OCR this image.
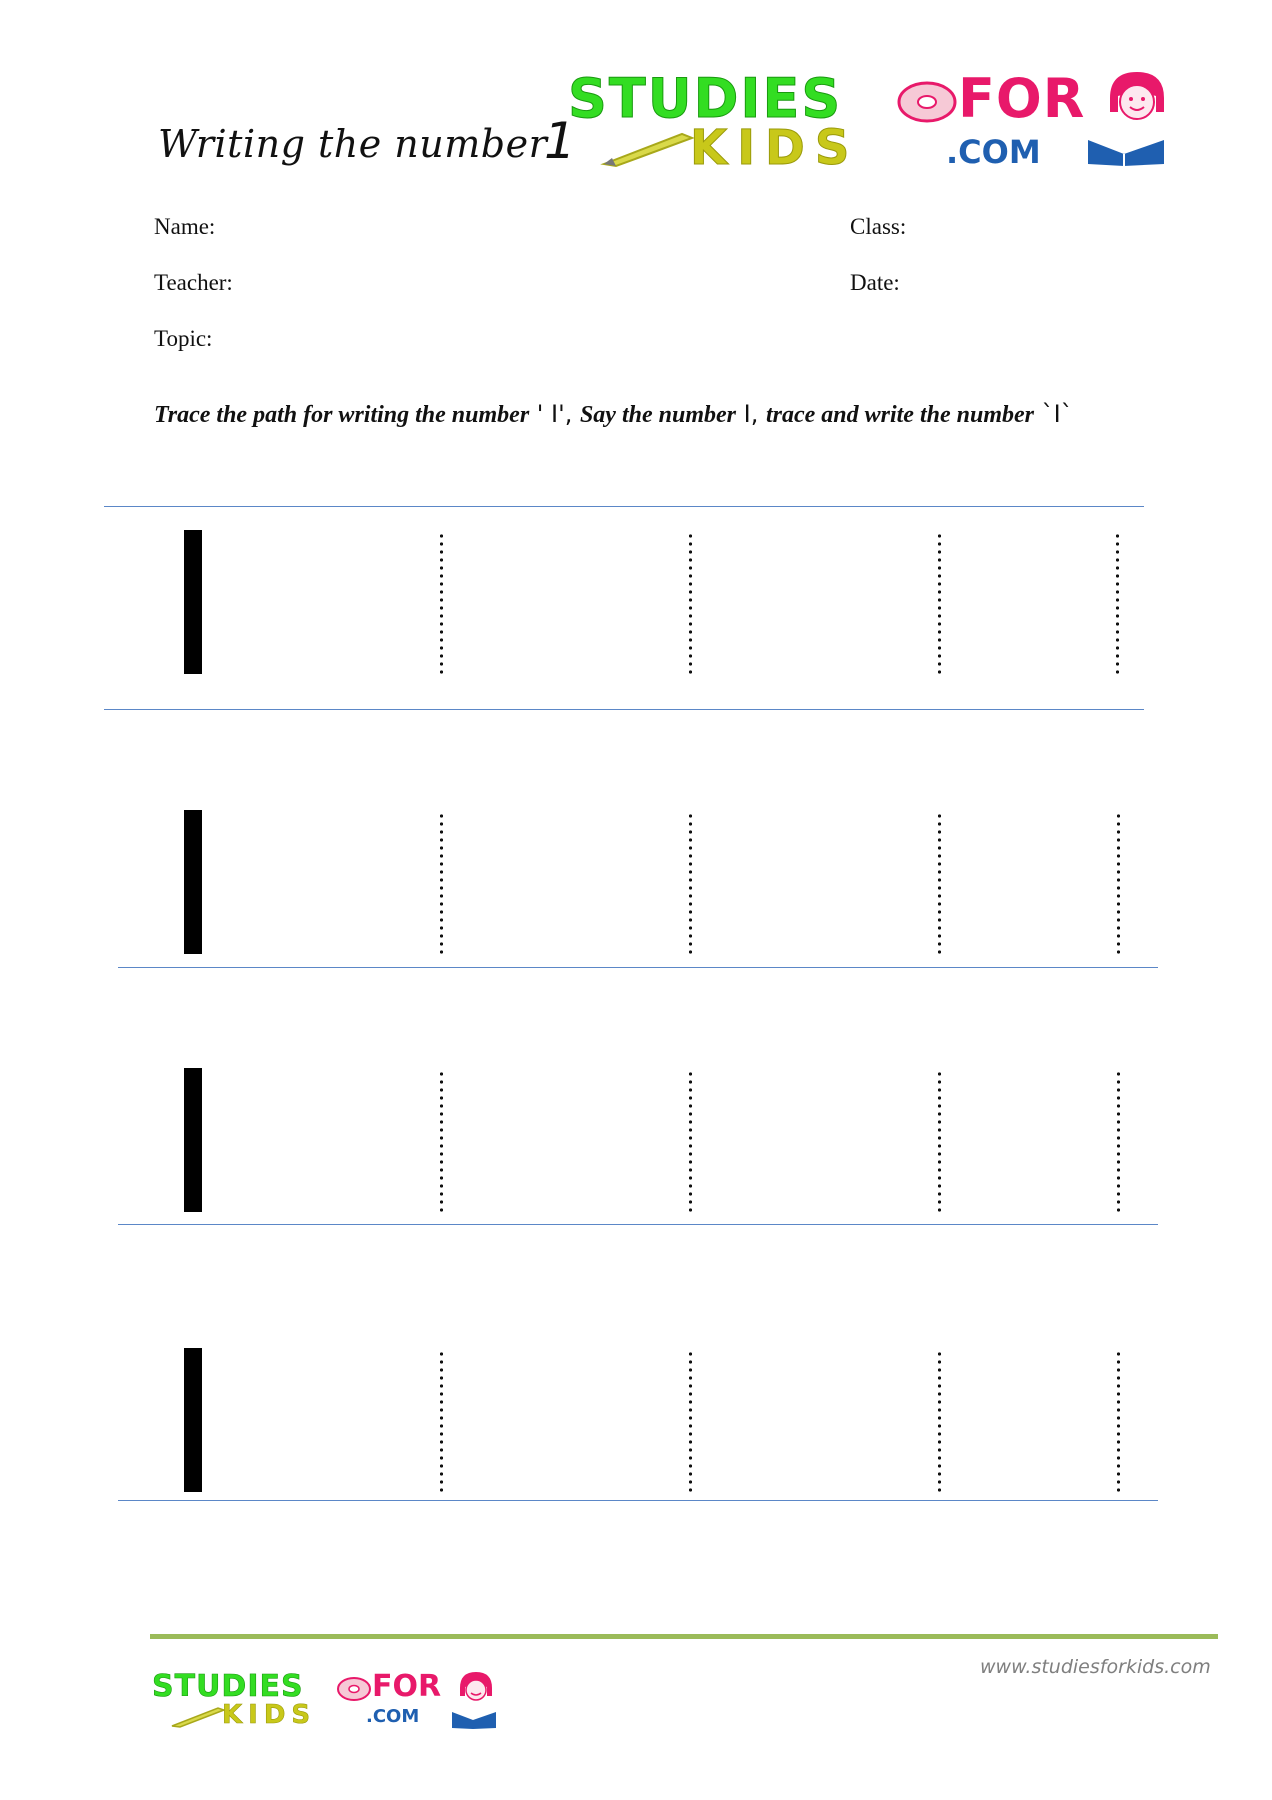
Writing the number
1
STUDIES FOR
KIDS	.COM
Name:	Class:
Teacher:	Date:
Topic:
Trace the path for writing the number ' I', Say the number I, trace and write the number `I`
www.studiesforkids.com
STUDIES FOR
KIDS	.COM
